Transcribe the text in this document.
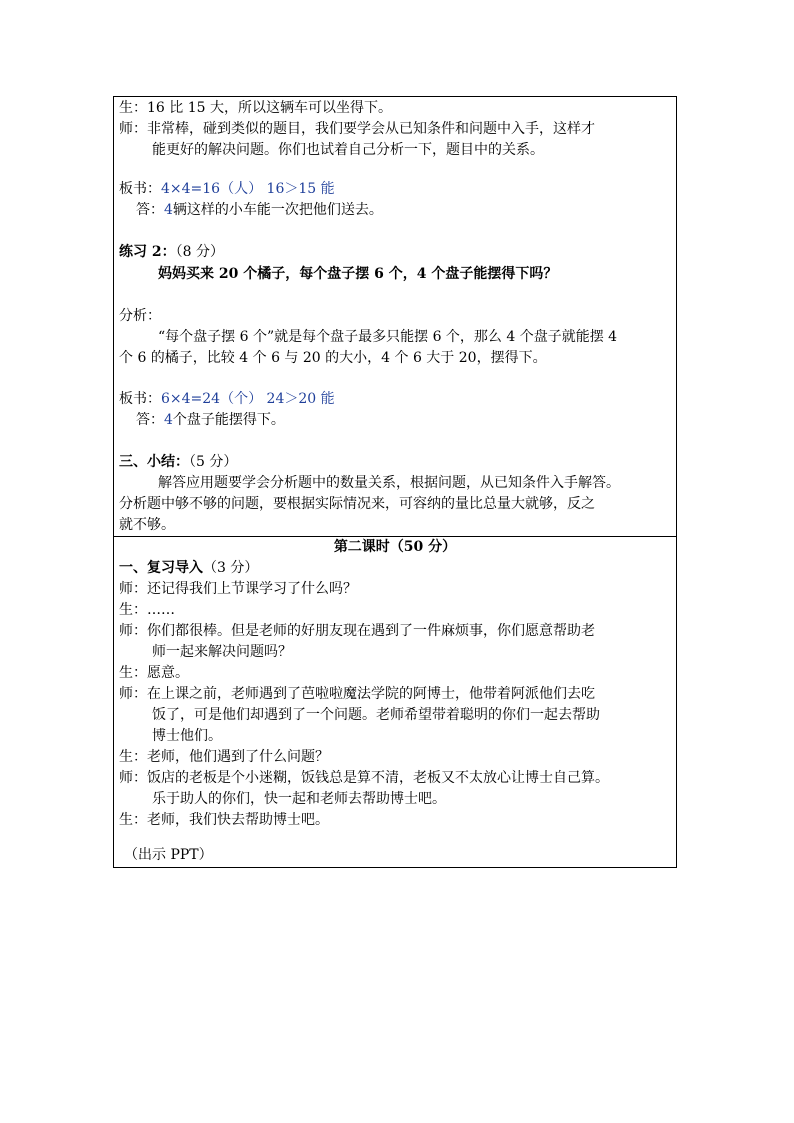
生：16 比 15 大，所以这辆车可以坐得下。
师：非常棒，碰到类似的题目，我们要学会从已知条件和问题中入手，这样才
能更好的解决问题。你们也试着自己分析一下，题目中的关系。
板书：4×4=16（人） 16＞15 能
答：4辆这样的小车能一次把他们送去。
练习 2：（8 分）
妈妈买来 20 个橘子，每个盘子摆 6 个，4 个盘子能摆得下吗？
分析：
“每个盘子摆 6 个”就是每个盘子最多只能摆 6 个，那么 4 个盘子就能摆 4
个 6 的橘子，比较 4 个 6 与 20 的大小，4 个 6 大于 20，摆得下。
板书：6×4=24（个） 24＞20 能
答：4个盘子能摆得下。
三、小结：（5 分）
解答应用题要学会分析题中的数量关系，根据问题，从已知条件入手解答。
分析题中够不够的问题，要根据实际情况来，可容纳的量比总量大就够，反之
就不够。
第二课时（50 分）
一、复习导入（3 分）
师：还记得我们上节课学习了什么吗？
生：……
师：你们都很棒。但是老师的好朋友现在遇到了一件麻烦事，你们愿意帮助老
师一起来解决问题吗？
生：愿意。
师：在上课之前，老师遇到了芭啦啦魔法学院的阿博士，他带着阿派他们去吃
饭了，可是他们却遇到了一个问题。老师希望带着聪明的你们一起去帮助
博士他们。
生：老师，他们遇到了什么问题？
师：饭店的老板是个小迷糊，饭钱总是算不清，老板又不太放心让博士自己算。
乐于助人的你们，快一起和老师去帮助博士吧。
生：老师，我们快去帮助博士吧。
（出示 PPT）
